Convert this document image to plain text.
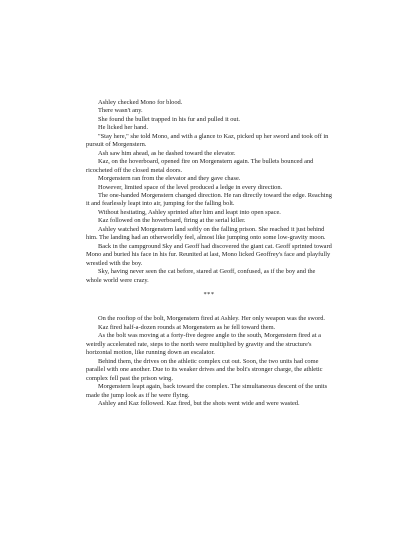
Ashley checked Mono for blood.

There wasn't any.

She found the bullet trapped in his fur and pulled it out.

He licked her hand.

"Stay here," she told Mono, and with a glance to Kaz, picked up her sword and took off in pursuit of Morgenstern.

Ash saw him ahead, as he dashed toward the elevator.

Kaz, on the hoverboard, opened fire on Morgenstern again. The bullets bounced and ricocheted off the closed metal doors.

Morgenstern ran from the elevator and they gave chase.

However, limited space of the level produced a ledge in every direction.

The one-handed Morgenstern changed direction. He ran directly toward the edge. Reaching it and fearlessly leapt into air, jumping for the falling bolt.

Without hesitating, Ashley sprinted after him and leapt into open space.

Kaz followed on the hoverboard, firing at the serial killer.

Ashley watched Morgenstern land softly on the falling prison. She reached it just behind him. The landing had an otherworldly feel, almost like jumping onto some low-gravity moon.

Back in the campground Sky and Geoff had discovered the giant cat. Geoff sprinted toward Mono and buried his face in his fur. Reunited at last, Mono licked Geoffrey's face and playfully wrestled with the boy.

Sky, having never seen the cat before, stared at Geoff, confused, as if the boy and the whole world were crazy.

***

On the rooftop of the bolt, Morgenstern fired at Ashley. Her only weapon was the sword.

Kaz fired half-a-dozen rounds at Morgenstern as he fell toward them.

As the bolt was moving at a forty-five degree angle to the south, Morgenstern fired at a weirdly accelerated rate, steps to the north were multiplied by gravity and the structure's horizontal motion, like running down an escalator.

Behind them, the drives on the athletic complex cut out. Soon, the two units had come parallel with one another. Due to its weaker drives and the bolt's stronger charge, the athletic complex fell past the prison wing.

Morgenstern leapt again, back toward the complex. The simultaneous descent of the units made the jump look as if he were flying.

Ashley and Kaz followed. Kaz fired, but the shots went wide and were wasted.
